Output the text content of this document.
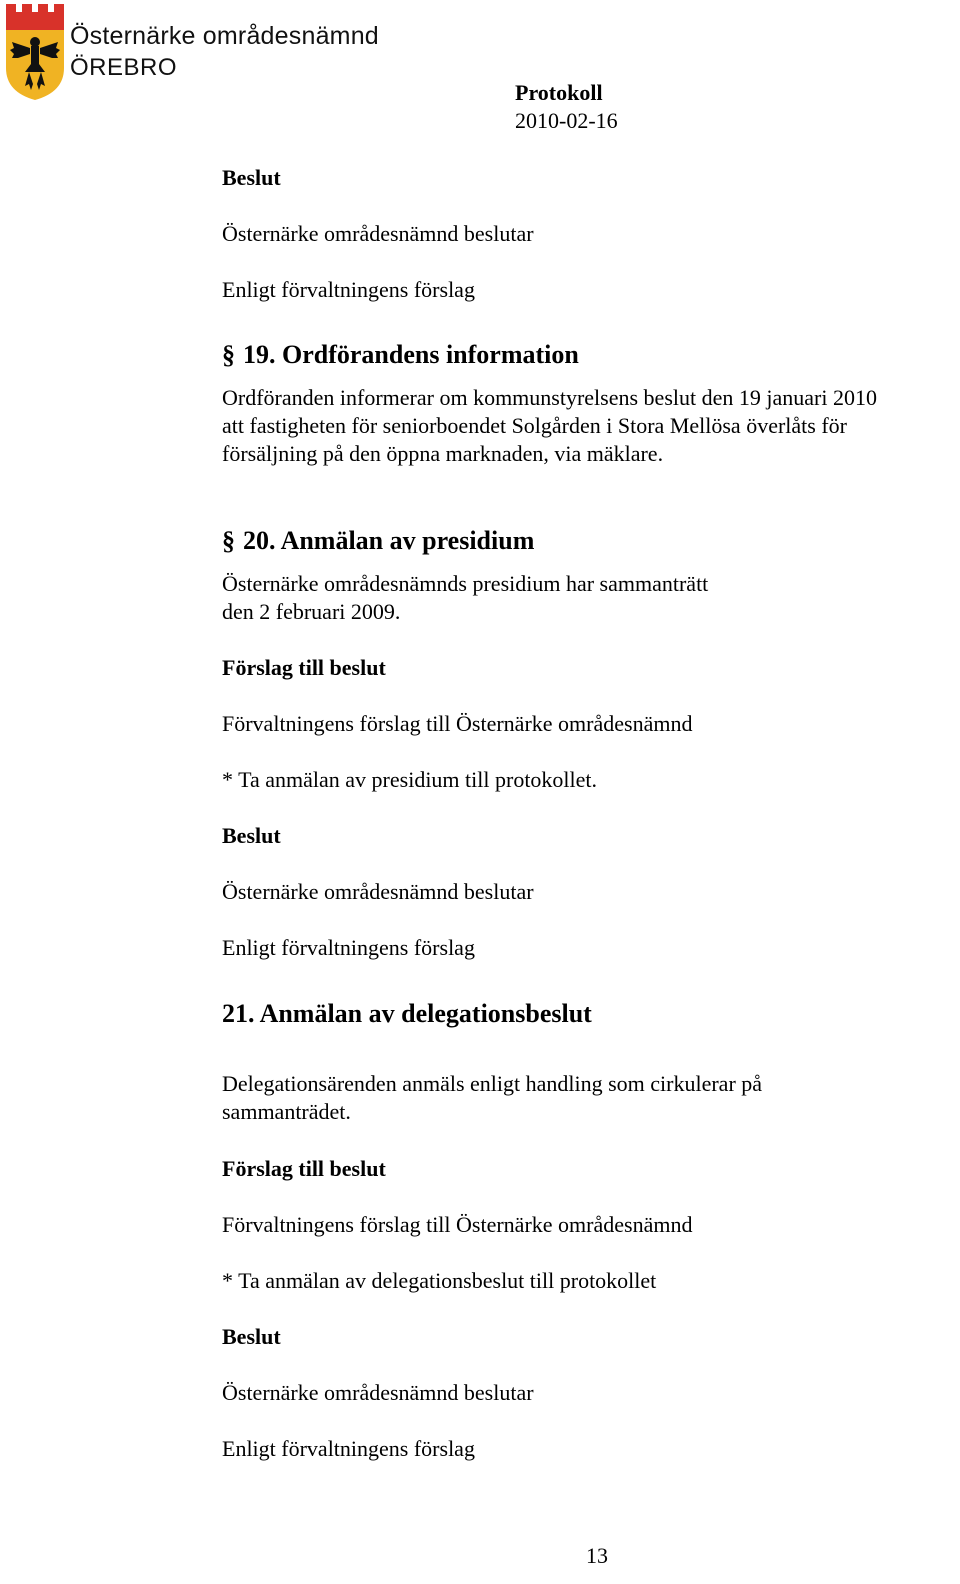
Östernärke områdesnämnd
ÖREBRO
Protokoll
2010-02-16
Beslut
Östernärke områdesnämnd beslutar
Enligt förvaltningens förslag
§ 19. Ordförandens information
Ordföranden informerar om kommunstyrelsens beslut den 19 januari 2010
att fastigheten för seniorboendet Solgården i Stora Mellösa överlåts för
försäljning på den öppna marknaden, via mäklare.
§ 20. Anmälan av presidium
Östernärke områdesnämnds presidium har sammanträtt
den 2 februari 2009.
Förslag till beslut
Förvaltningens förslag till Östernärke områdesnämnd
* Ta anmälan av presidium till protokollet.
Beslut
Östernärke områdesnämnd beslutar
Enligt förvaltningens förslag
21. Anmälan av delegationsbeslut
Delegationsärenden anmäls enligt handling som cirkulerar på
sammanträdet.
Förslag till beslut
Förvaltningens förslag till Östernärke områdesnämnd
* Ta anmälan av delegationsbeslut till protokollet
Beslut
Östernärke områdesnämnd beslutar
Enligt förvaltningens förslag
13
